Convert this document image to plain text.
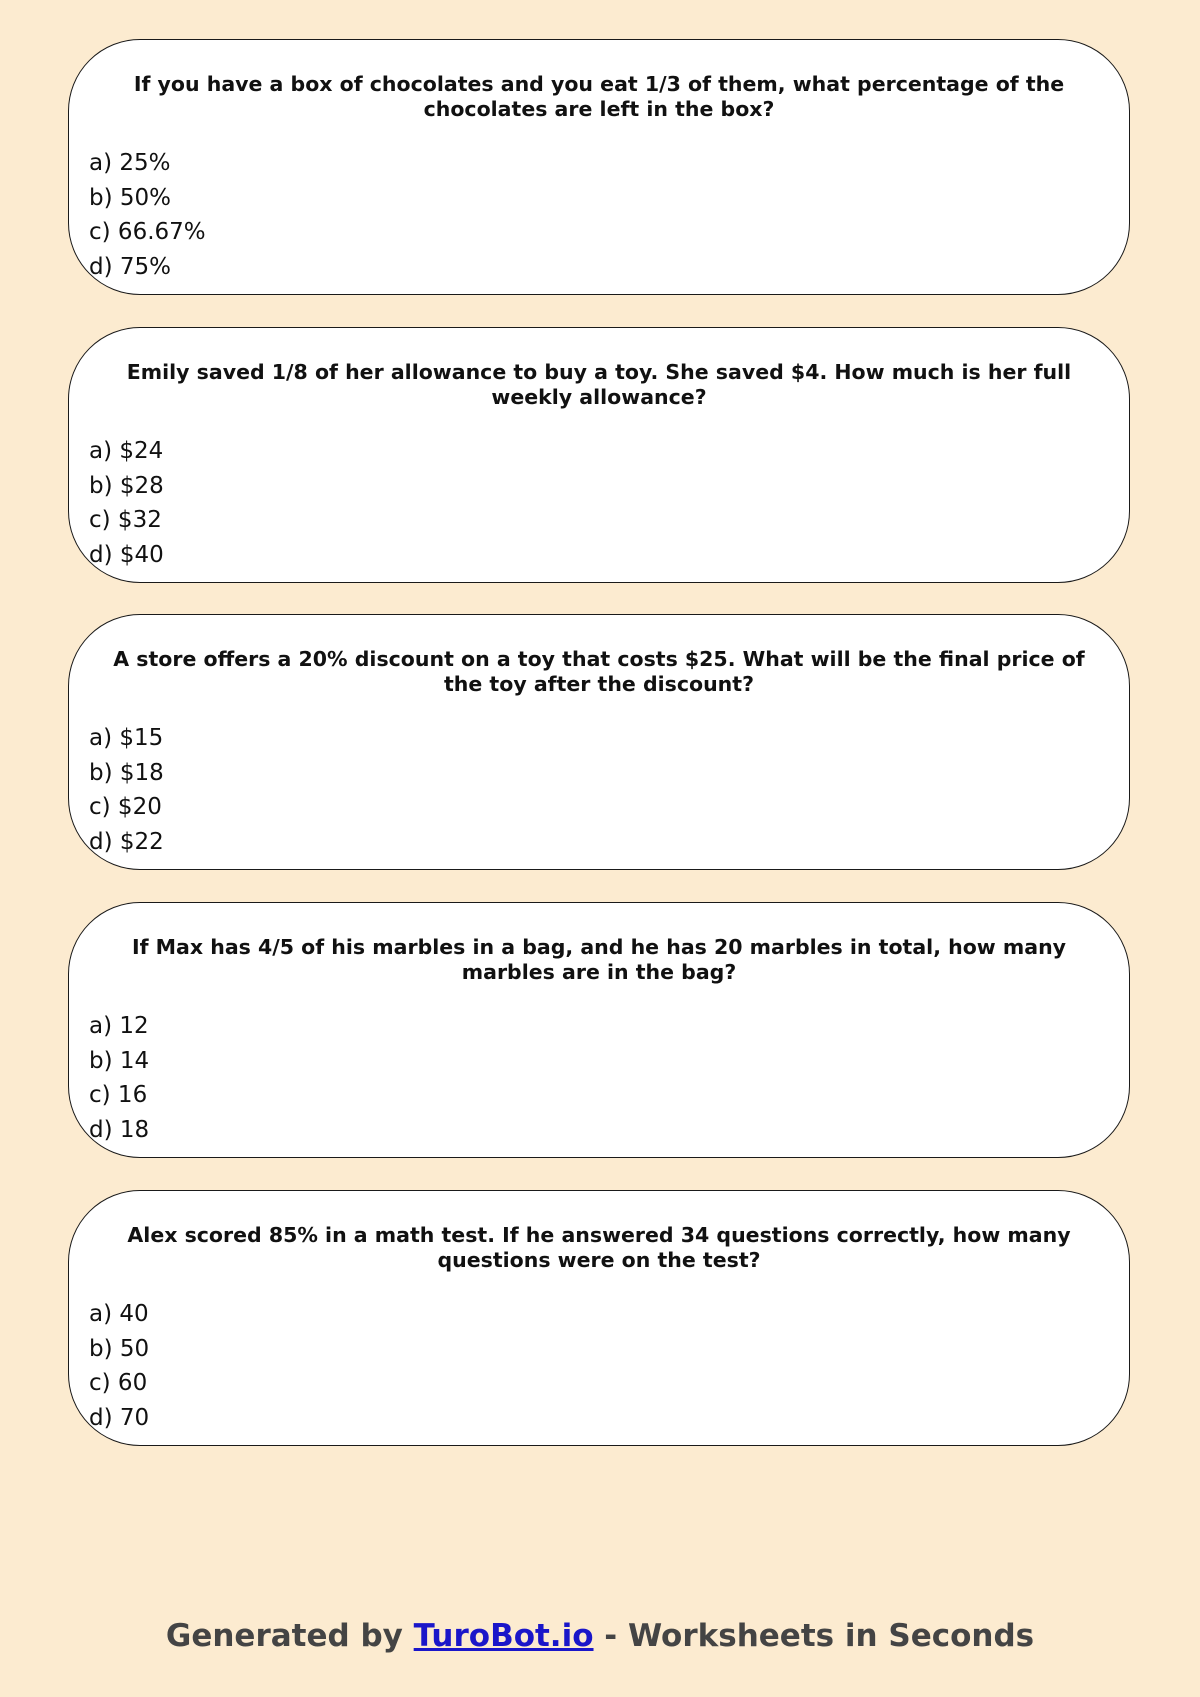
If you have a box of chocolates and you eat 1/3 of them, what percentage of the chocolates are left in the box?

a) 25%
b) 50%
c) 66.67%
d) 75%

Emily saved 1/8 of her allowance to buy a toy. She saved $4. How much is her full weekly allowance?

a) $24
b) $28
c) $32
d) $40

A store offers a 20% discount on a toy that costs $25. What will be the final price of the toy after the discount?

a) $15
b) $18
c) $20
d) $22

If Max has 4/5 of his marbles in a bag, and he has 20 marbles in total, how many marbles are in the bag?

a) 12
b) 14
c) 16
d) 18

Alex scored 85% in a math test. If he answered 34 questions correctly, how many questions were on the test?

a) 40
b) 50
c) 60
d) 70
Generated by TuroBot.io - Worksheets in Seconds
